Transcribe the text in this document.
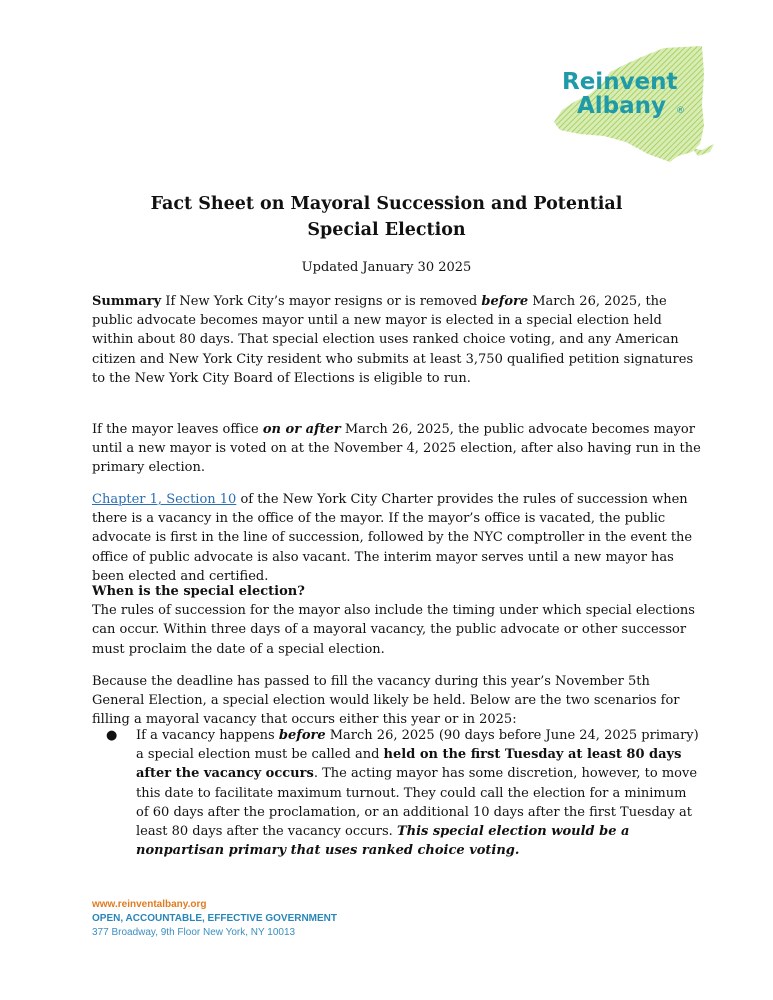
Reinvent
Albany ®
Fact Sheet on Mayoral Succession and Potential
Special Election

Updated January 30 2025

Summary If New York City’s mayor resigns or is removed before March 26, 2025, the public advocate becomes mayor until a new mayor is elected in a special election held within about 80 days. That special election uses ranked choice voting, and any American citizen and New York City resident who submits at least 3,750 qualified petition signatures to the New York City Board of Elections is eligible to run.

If the mayor leaves office on or after March 26, 2025, the public advocate becomes mayor until a new mayor is voted on at the November 4, 2025 election, after also having run in the primary election.

Chapter 1, Section 10 of the New York City Charter provides the rules of succession when there is a vacancy in the office of the mayor. If the mayor’s office is vacated, the public advocate is first in the line of succession, followed by the NYC comptroller in the event the office of public advocate is also vacant. The interim mayor serves until a new mayor has been elected and certified.

When is the special election?
The rules of succession for the mayor also include the timing under which special elections can occur. Within three days of a mayoral vacancy, the public advocate or other successor must proclaim the date of a special election.

Because the deadline has passed to fill the vacancy during this year’s November 5th General Election, a special election would likely be held. Below are the two scenarios for filling a mayoral vacancy that occurs either this year or in 2025:

● If a vacancy happens before March 26, 2025 (90 days before June 24, 2025 primary) a special election must be called and held on the first Tuesday at least 80 days after the vacancy occurs. The acting mayor has some discretion, however, to move this date to facilitate maximum turnout. They could call the election for a minimum of 60 days after the proclamation, or an additional 10 days after the first Tuesday at least 80 days after the vacancy occurs. This special election would be a nonpartisan primary that uses ranked choice voting.
www.reinventalbany.org
OPEN, ACCOUNTABLE, EFFECTIVE GOVERNMENT
377 Broadway, 9th Floor New York, NY 10013
